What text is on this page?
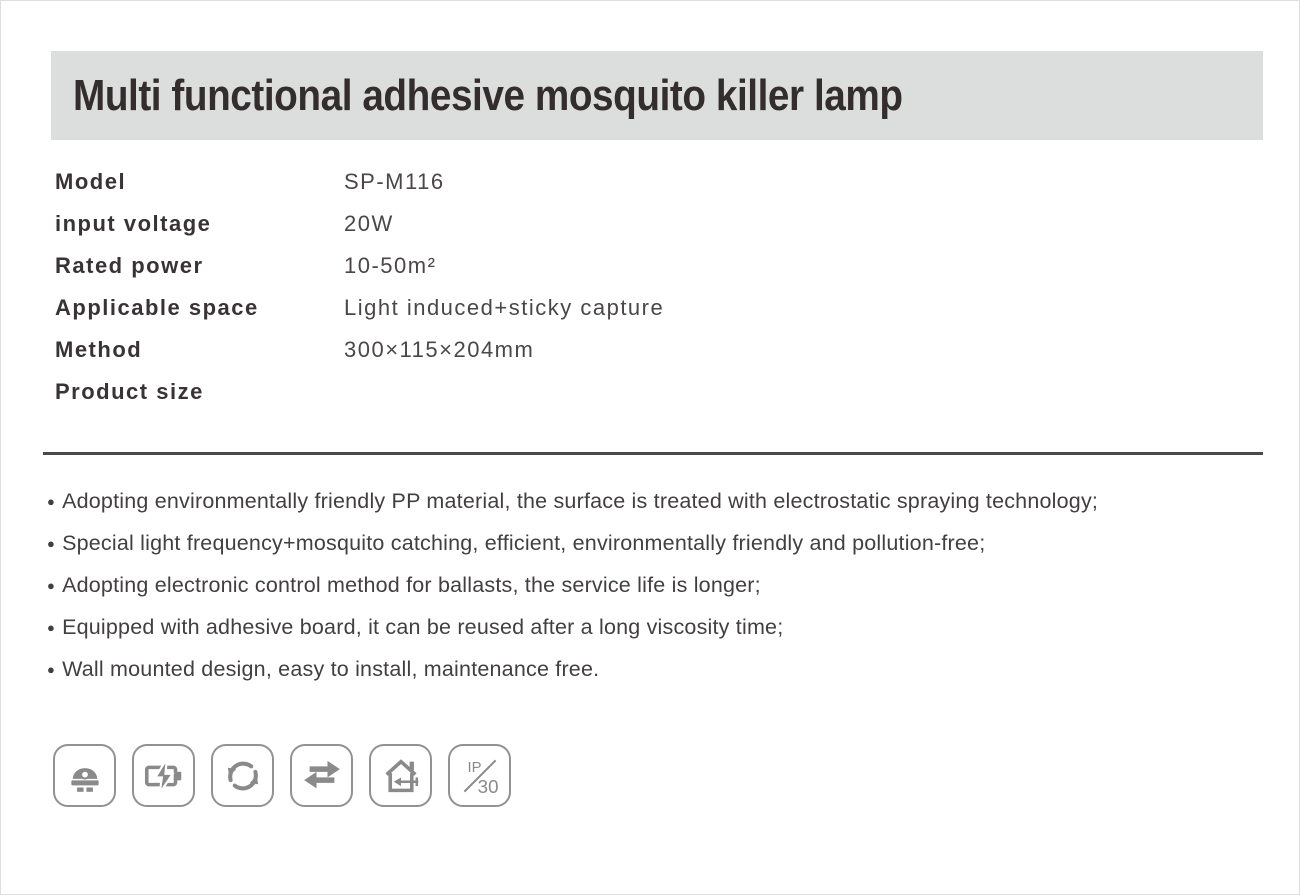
Multi functional adhesive mosquito killer lamp
Model	SP-M116
input voltage	20W
Rated power	10-50m²
Applicable space	Light induced+sticky capture
Method	300×115×204mm
Product size
● Adopting environmentally friendly PP material, the surface is treated with electrostatic spraying technology;
● Special light frequency+mosquito catching, efficient, environmentally friendly and pollution-free;
● Adopting electronic control method for ballasts, the service life is longer;
● Equipped with adhesive board, it can be reused after a long viscosity time;
● Wall mounted design, easy to install, maintenance free.
IP
30
